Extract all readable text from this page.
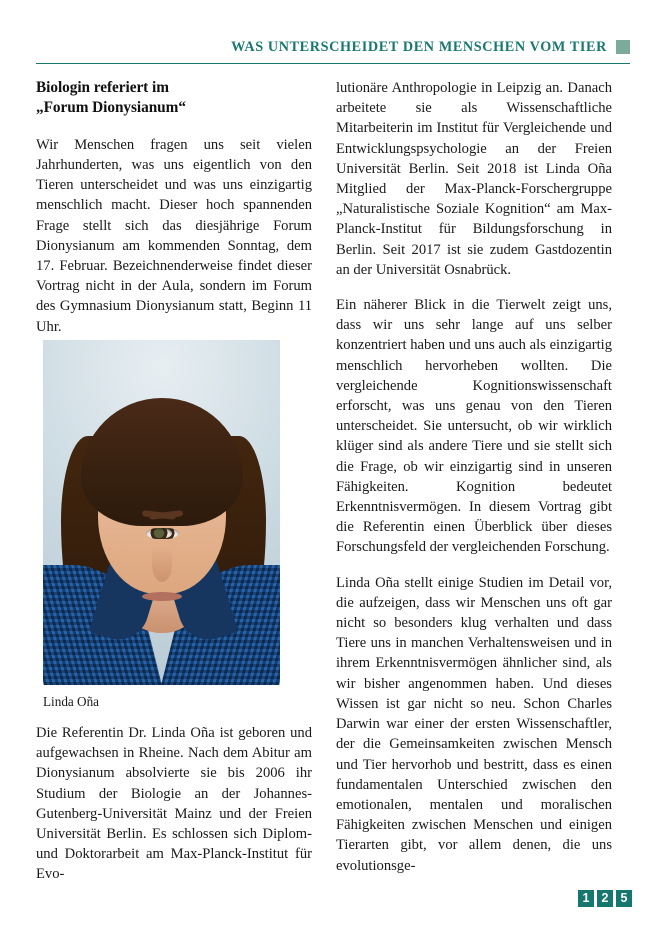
WAS UNTERSCHEIDET DEN MENSCHEN VOM TIER
Biologin referiert im
„Forum Dionysianum“

Wir Menschen fragen uns seit vielen Jahrhunderten, was uns eigentlich von den Tieren unterscheidet und was uns einzigartig menschlich macht. Dieser hoch spannenden Frage stellt sich das diesjährige Forum Dionysianum am kommenden Sonntag, dem 17. Februar. Bezeichnenderweise findet dieser Vortrag nicht in der Aula, sondern im Forum des Gymnasium Dionysianum statt, Beginn 11 Uhr.

Linda Oña

Die Referentin Dr. Linda Oña ist geboren und aufgewachsen in Rheine. Nach dem Abitur am Dionysianum absolvierte sie bis 2006 ihr Studium der Biologie an der Johannes-Gutenberg-Universität Mainz und der Freien Universität Berlin. Es schlossen sich Diplom- und Doktorarbeit am Max-Planck-Institut für Evo-

lutionäre Anthropologie in Leipzig an. Danach arbeitete sie als Wissenschaftliche Mitarbeiterin im Institut für Vergleichende und Entwicklungspsychologie an der Freien Universität Berlin. Seit 2018 ist Linda Oña Mitglied der Max-Planck-Forschergruppe „Naturalistische Soziale Kognition“ am Max-Planck-Institut für Bildungsforschung in Berlin. Seit 2017 ist sie zudem Gastdozentin an der Universität Osnabrück.

Ein näherer Blick in die Tierwelt zeigt uns, dass wir uns sehr lange auf uns selber konzentriert haben und uns auch als einzigartig menschlich hervorheben wollten. Die vergleichende Kognitionswissenschaft erforscht, was uns genau von den Tieren unterscheidet. Sie untersucht, ob wir wirklich klüger sind als andere Tiere und sie stellt sich die Frage, ob wir einzigartig sind in unseren Fähigkeiten. Kognition bedeutet Erkenntnisvermögen. In diesem Vortrag gibt die Referentin einen Überblick über dieses Forschungsfeld der vergleichenden Forschung.

Linda Oña stellt einige Studien im Detail vor, die aufzeigen, dass wir Menschen uns oft gar nicht so besonders klug verhalten und dass Tiere uns in manchen Verhaltensweisen und in ihrem Erkenntnisvermögen ähnlicher sind, als wir bisher angenommen haben. Und dieses Wissen ist gar nicht so neu. Schon Charles Darwin war einer der ersten Wissenschaftler, der die Gemeinsamkeiten zwischen Mensch und Tier hervorhob und bestritt, dass es einen fundamentalen Unterschied zwischen den emotionalen, mentalen und moralischen Fähigkeiten zwischen Menschen und einigen Tierarten gibt, vor allem denen, die uns evolutionsge-

1 2 5
